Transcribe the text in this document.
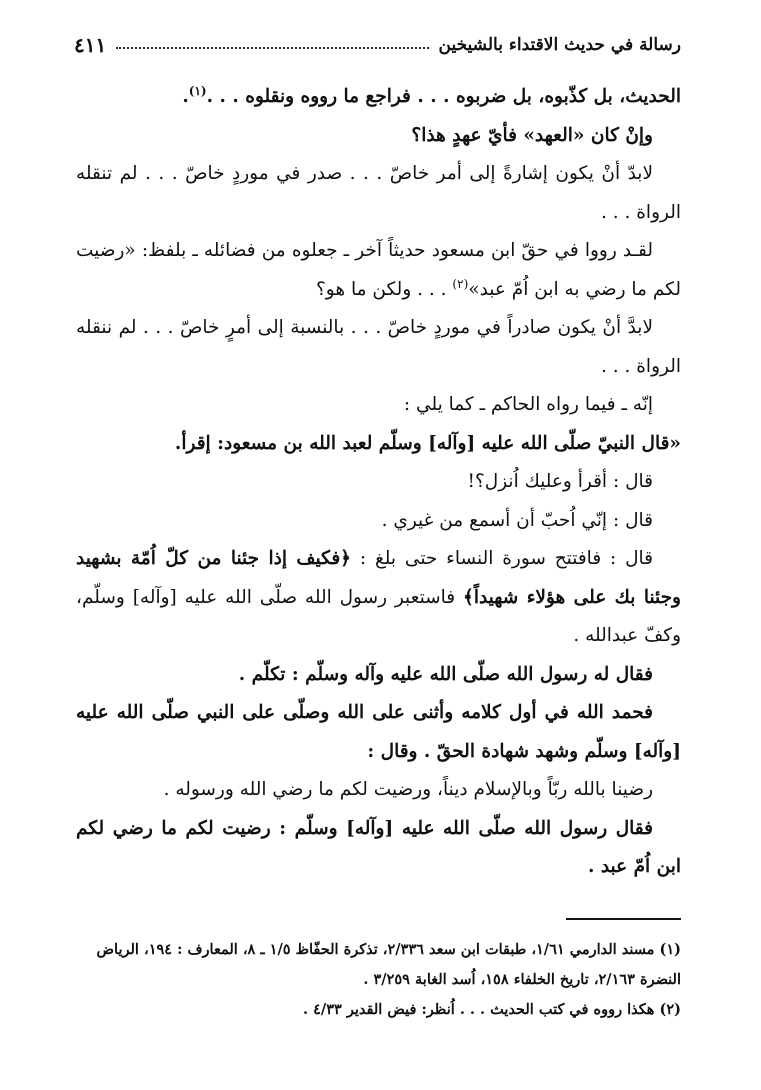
رسالة في حديث الاقتداء بالشيخين
٤١١

الحديث، بل كذّبوه، بل ضربوه . . . فراجع ما رووه ونقلوه . . .$^{(١)}$.

وإنْ كان «العهد» فأيّ عهدٍ هذا؟

لابدّ أنْ يكون إشارةً إلى أمر خاصّ . . . صدر في موردٍ خاصّ . . . لم تنقله الرواة . . .

لقـد رووا في حقّ ابن مسعود حديثاً آخر ـ جعلوه من فضائله ـ بلفظ: «رضيت لكم ما رضي به ابن اُمّ عبد»$^{(٢)}$ . . . ولكن ما هو؟

لابدَّ أنْ يكون صادراً في موردٍ خاصّ . . . بالنسبة إلى أمرٍ خاصّ . . . لم ننقله الرواة . . .

إنّه ـ فيما رواه الحاكم ـ كما يلي :

«قال النبيّ صلّى الله عليه [وآله] وسلّم لعبد الله بن مسعود: إقرأ.

قال : أقرأ وعليك اُنزل؟!

قال : إنّي اُحبّ أن أسمع من غيري .

قال : فافتتح سورة النساء حتى بلغ : ﴿فكيف إذا جئنا من كلّ اُمّة بشهيد وجئنا بك على هؤلاء شهيداً﴾ فاستعبر رسول الله صلّى الله عليه [وآله] وسلّم، وكفّ عبدالله .

فقال له رسول الله صلّى الله عليه وآله وسلّم : تكلّم .

فحمد الله في أول كلامه وأثنى على الله وصلّى على النبي صلّى الله عليه [وآله] وسلّم وشهد شهادة الحقّ . وقال :

رضينا بالله ربّاً وبالإسلام ديناً، ورضيت لكم ما رضي الله ورسوله .

فقال رسول الله صلّى الله عليه [وآله] وسلّم : رضيت لكم ما رضي لكم ابن اُمّ عبد .

(١) مسند الدارمي ١/٦١، طبقات ابن سعد ٢/٣٣٦، تذكرة الحفّاظ ١/٥ ـ ٨، المعارف : ١٩٤، الرياض النضرة ٢/١٦٣، تاريخ الخلفاء ١٥٨، اُسد الغابة ٣/٢٥٩ .

(٢) هكذا رووه في كتب الحديث . . . اُنظر: فيض القدير ٤/٣٣ .
